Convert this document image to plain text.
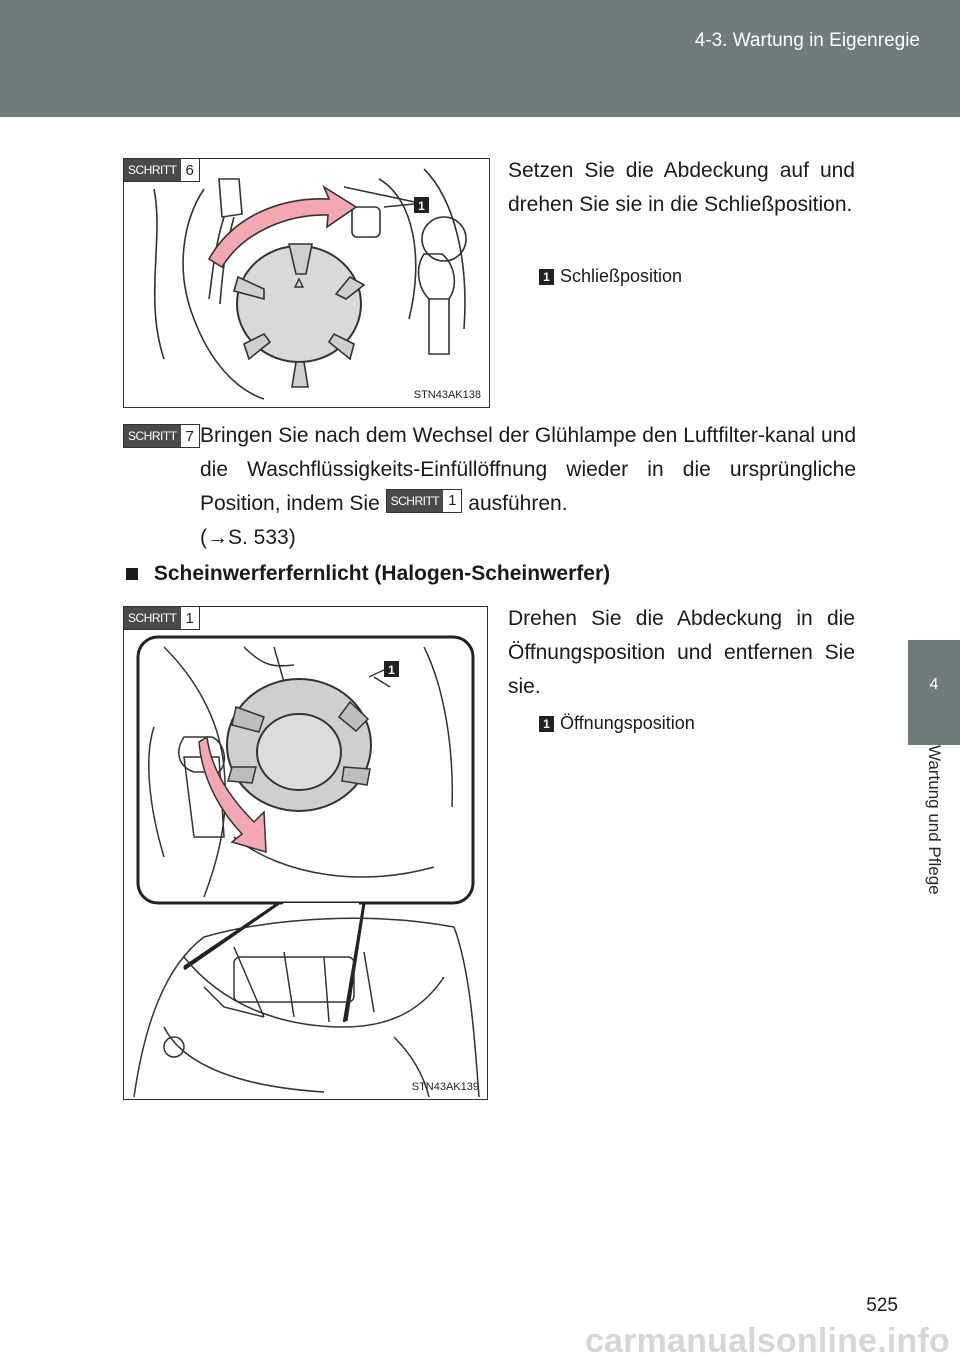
4-3. Wartung in Eigenregie
4
Wartung und Pflege
SCHRITT 6
1
STN43AK138
Setzen Sie die Abdeckung auf und drehen Sie sie in die Schließposition.
1 Schließposition
SCHRITT 7 Bringen Sie nach dem Wechsel der Glühlampe den Luftfilter-kanal und die Waschflüssigkeits-Einfüllöffnung wieder in die ursprüngliche Position, indem Sie SCHRITT 1 ausführen.
(→S. 533)
Scheinwerferfernlicht (Halogen-Scheinwerfer)
SCHRITT 1
1
STN43AK139
Drehen Sie die Abdeckung in die Öffnungsposition und entfernen Sie sie.
1 Öffnungsposition
525
carmanualsonline.info
